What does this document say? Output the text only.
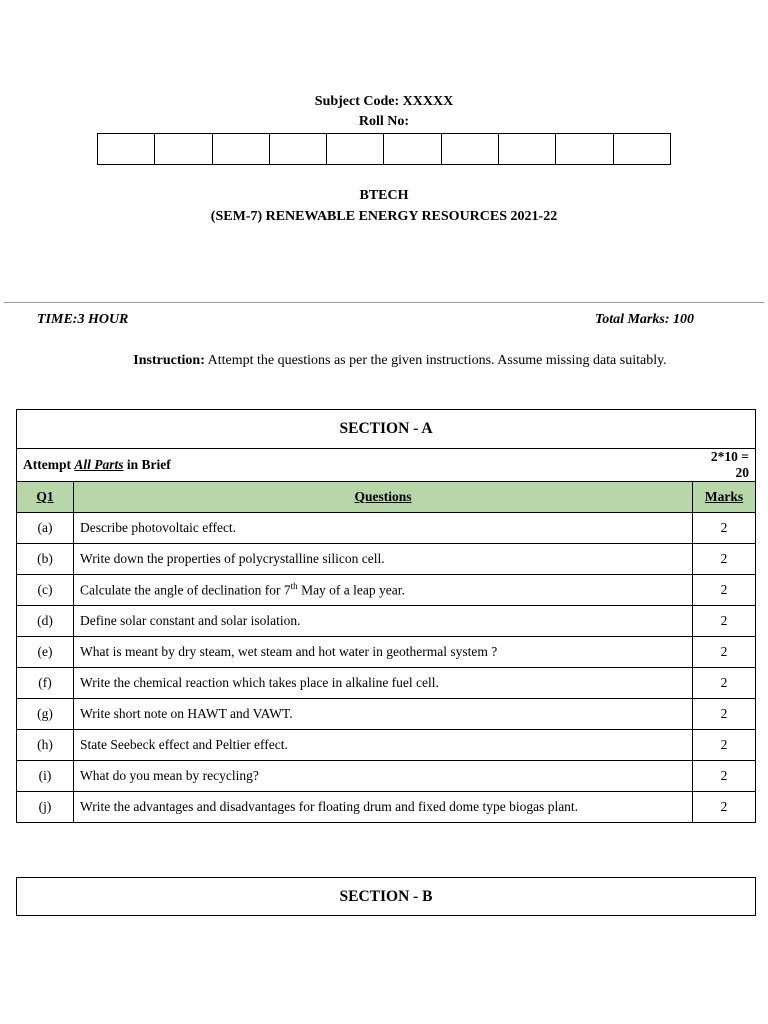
Subject Code: XXXXX
Roll No:
BTECH
(SEM-7) RENEWABLE ENERGY RESOURCES 2021-22
TIME:3 HOUR	Total Marks: 100
Instruction: Attempt the questions as per the given instructions. Assume missing data suitably.
SECTION - A		
Attempt All Parts in Brief		2*10 = 20
Q1	Questions	Marks
(a)	Describe photovoltaic effect.	2
(b)	Write down the properties of polycrystalline silicon cell.	2
(c)	Calculate the angle of declination for 7th May of a leap year.	2
(d)	Define solar constant and solar isolation.	2
(e)	What is meant by dry steam, wet steam and hot water in geothermal system ?	2
(f)	Write the chemical reaction which takes place in alkaline fuel cell.	2
(g)	Write short note on HAWT and VAWT.	2
(h)	State Seebeck effect and Peltier effect.	2
(i)	What do you mean by recycling?	2
(j)	Write the advantages and disadvantages for floating drum and fixed dome type biogas plant.	2
SECTION - B
